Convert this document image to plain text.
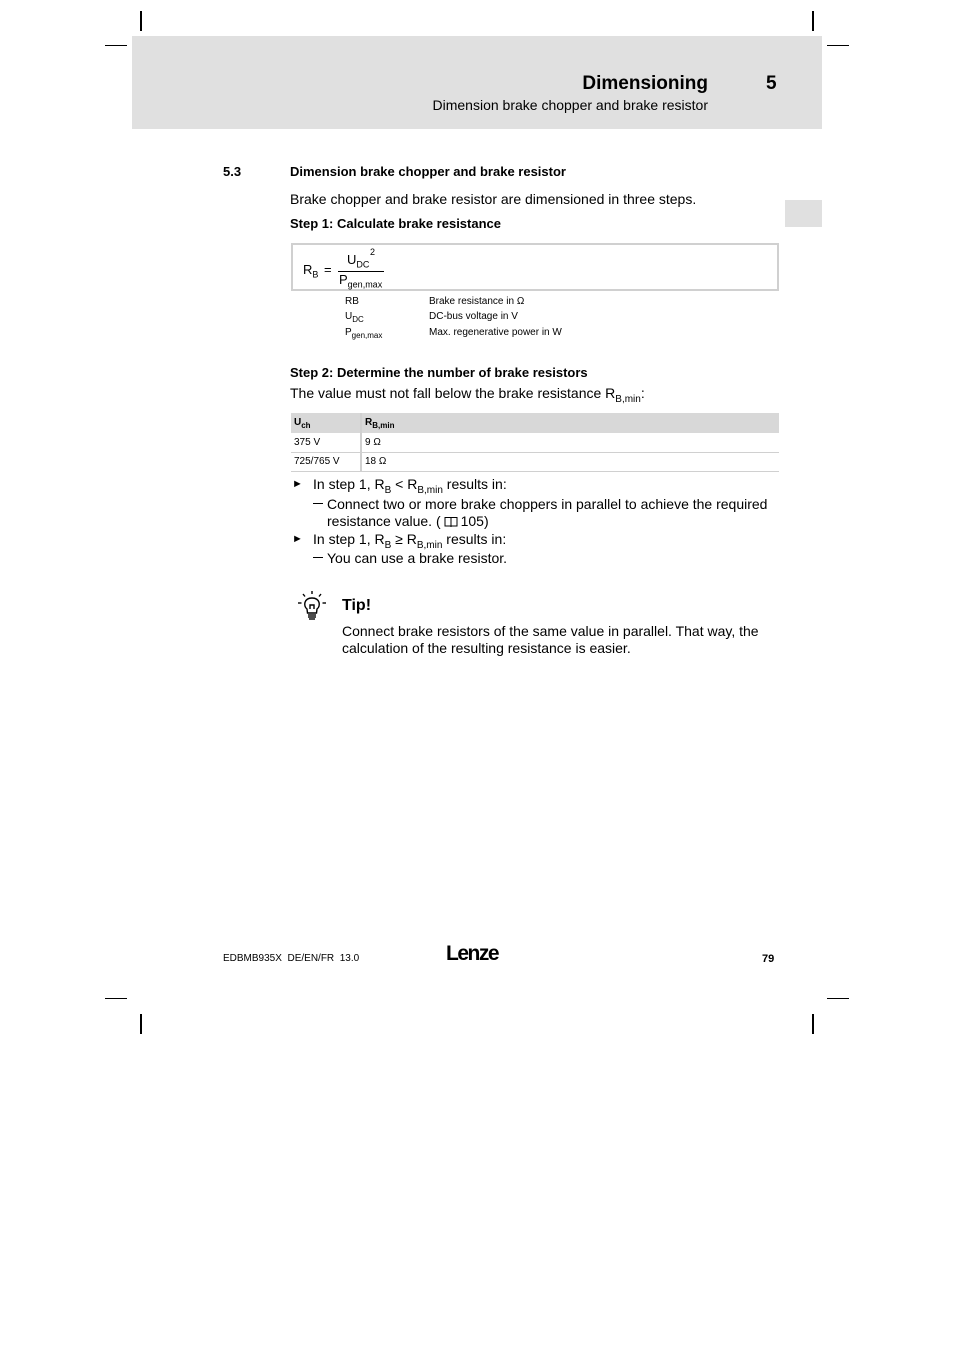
Dimensioning	5
Dimension brake chopper and brake resistor
5.3	Dimension brake chopper and brake resistor
Brake chopper and brake resistor are dimensioned in three steps.
Step 1: Calculate brake resistance
$R_B$ =
$U_{DC}$
2
$P_{gen,max}$
RB	Brake resistance in Ω
$U_{DC}$	DC-bus voltage in V
$P_{gen,max}$	Max. regenerative power in W
Step 2: Determine the number of brake resistors
The value must not fall below the brake resistance $R_{B,min}$:
$U_{ch}$	$R_{B,min}$
375 V	9 Ω
725/765 V	18 Ω
► In step 1, $R_B < R_{B,min}$ results in:
Connect two or more brake choppers in parallel to achieve the required
resistance value. ( 105)
► In step 1, $R_B \ge R_{B,min}$ results in:
You can use a brake resistor.
Tip!
Connect brake resistors of the same value in parallel. That way, the calculation of the resulting resistance is easier.
EDBMB935X  DE/EN/FR  13.0	Lenze	79
